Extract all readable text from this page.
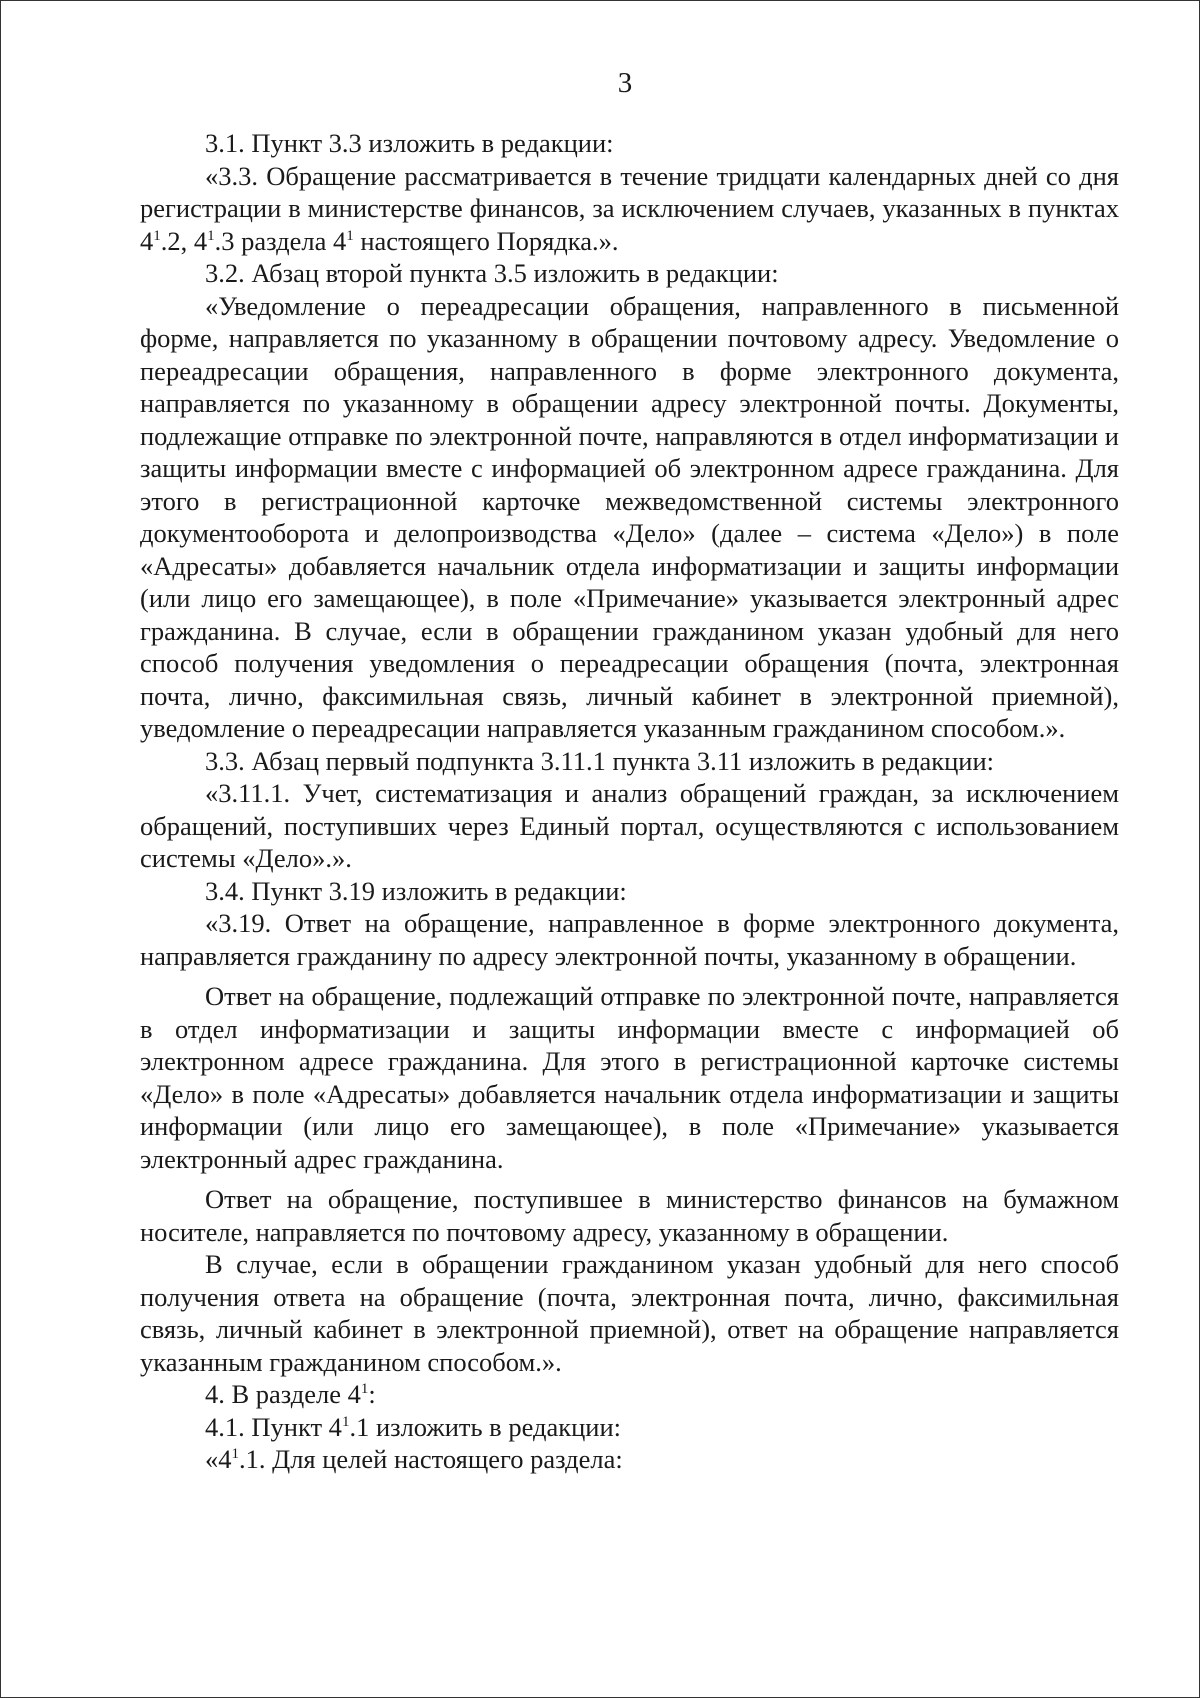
3

3.1. Пункт 3.3 изложить в редакции:

«3.3. Обращение рассматривается в течение тридцати календарных дней со дня регистрации в министерстве финансов, за исключением случаев, указанных в пунктах $4^1.2$, $4^1.3$ раздела $4^1$ настоящего Порядка.».

3.2. Абзац второй пункта 3.5 изложить в редакции:

«Уведомление о переадресации обращения, направленного в письменной форме, направляется по указанному в обращении почтовому адресу. Уведомление о переадресации обращения, направленного в форме электронного документа, направляется по указанному в обращении адресу электронной почты. Документы, подлежащие отправке по электронной почте, направляются в отдел информатизации и защиты информации вместе с информацией об электронном адресе гражданина. Для этого в регистрационной карточке межведомственной системы электронного документооборота и делопроизводства «Дело» (далее – система «Дело») в поле «Адресаты» добавляется начальник отдела информатизации и защиты информации (или лицо его замещающее), в поле «Примечание» указывается электронный адрес гражданина. В случае, если в обращении гражданином указан удобный для него способ получения уведомления о переадресации обращения (почта, электронная почта, лично, факсимильная связь, личный кабинет в электронной приемной), уведомление о переадресации направляется указанным гражданином способом.».

3.3. Абзац первый подпункта 3.11.1 пункта 3.11 изложить в редакции:

«3.11.1. Учет, систематизация и анализ обращений граждан, за исключением обращений, поступивших через Единый портал, осуществляются с использованием системы «Дело».».

3.4. Пункт 3.19 изложить в редакции:

«3.19. Ответ на обращение, направленное в форме электронного документа, направляется гражданину по адресу электронной почты, указанному в обращении.

Ответ на обращение, подлежащий отправке по электронной почте, направляется в отдел информатизации и защиты информации вместе с информацией об электронном адресе гражданина. Для этого в регистрационной карточке системы «Дело» в поле «Адресаты» добавляется начальник отдела информатизации и защиты информации (или лицо его замещающее), в поле «Примечание» указывается электронный адрес гражданина.

Ответ на обращение, поступившее в министерство финансов на бумажном носителе, направляется по почтовому адресу, указанному в обращении.

В случае, если в обращении гражданином указан удобный для него способ получения ответа на обращение (почта, электронная почта, лично, факсимильная связь, личный кабинет в электронной приемной), ответ на обращение направляется указанным гражданином способом.».

4. В разделе $4^1$:

4.1. Пункт $4^1.1$ изложить в редакции:

«$4^1.1$. Для целей настоящего раздела:
